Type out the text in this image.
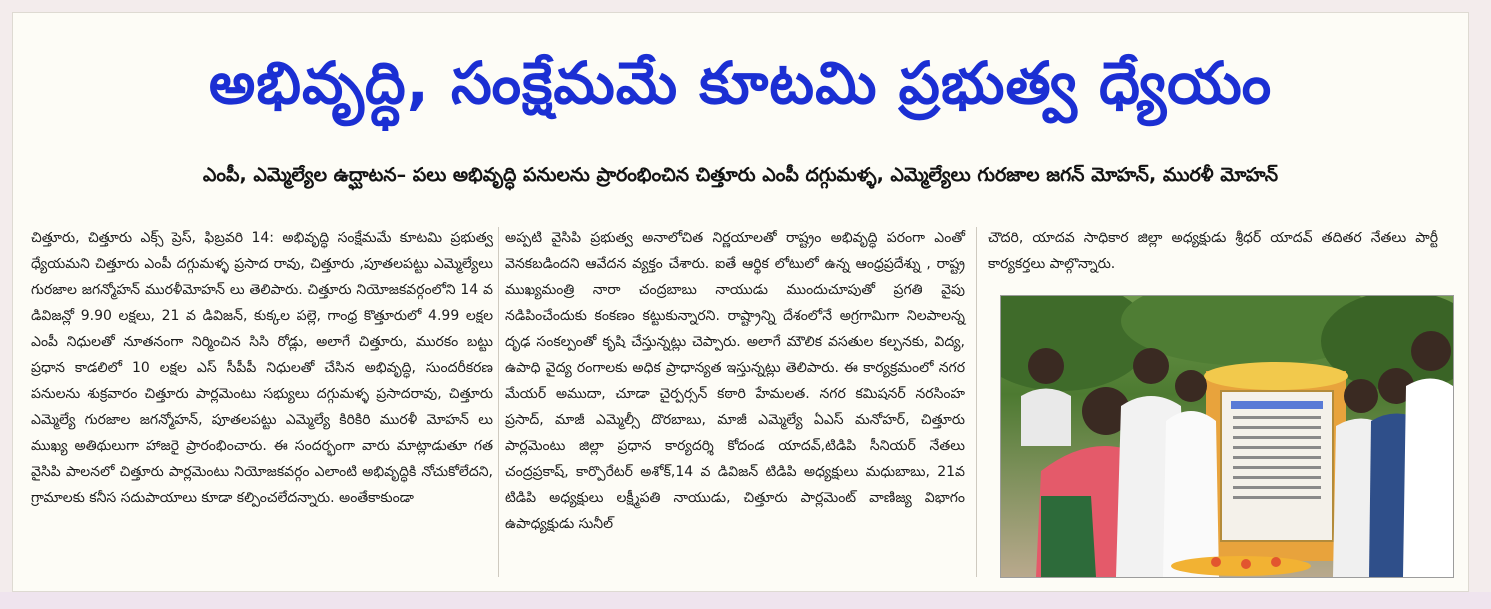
అభివృద్ధి, సంక్షేమమే కూటమి ప్రభుత్వ ధ్యేయం
ఎంపీ, ఎమ్మెల్యేల ఉద్ఘాటన– పలు అభివృద్ధి పనులను ప్రారంభించిన చిత్తూరు ఎంపీ దగ్గుమళ్ళ, ఎమ్మెల్యేలు గురజాల జగన్ మోహన్, మురళీ మోహన్

చిత్తూరు, చిత్తూరు ఎక్స్ ప్రెస్, ఫిబ్రవరి 14: అభివృద్ధి సంక్షేమమే కూటమి ప్రభుత్వ ధ్యేయమని చిత్తూరు ఎంపీ దగ్గుమళ్ళ ప్రసాద రావు, చిత్తూరు ,పూతలపట్టు ఎమ్మెల్యేలు గురజాల జగన్మోహన్ మురళీమోహన్ లు తెలిపారు. చిత్తూరు నియోజకవర్గంలోని 14 వ డివిజన్లో 9.90 లక్షలు, 21 వ డివిజన్, కుక్కల పల్లె, గాంధ్ర కొత్తూరులో 4.99 లక్షల ఎంపీ నిధులతో నూతనంగా నిర్మించిన సిసి రోడ్లు, అలాగే చిత్తూరు, మురకం బట్టు ప్రధాన కాడలిలో 10 లక్షల ఎస్ సీపీపీ నిధులతో చేసిన అభివృద్ధి, సుందరీకరణ పనులను శుక్రవారం చిత్తూరు పార్లమెంటు సభ్యులు దగ్గుమళ్ళ ప్రసాదరావు, చిత్తూరు ఎమ్మెల్యే గురజాల జగన్మోహన్, పూతలపట్టు ఎమ్మెల్యే కిరికిరి మురళీ మోహన్ లు ముఖ్య అతిథులుగా హాజరై ప్రారంభించారు. ఈ సందర్భంగా వారు మాట్లాడుతూ గత వైసిపి పాలనలో చిత్తూరు పార్లమెంటు నియోజకవర్గం ఎలాంటి అభివృద్ధికి నోచుకోలేదని, గ్రామాలకు కనీస సదుపాయాలు కూడా కల్పించలేదన్నారు. అంతేకాకుండా

అప్పటి వైసిపి ప్రభుత్వ అనాలోచిత నిర్ణయాలతో రాష్ట్రం అభివృద్ధి పరంగా ఎంతో వెనకబడిందని ఆవేదన వ్యక్తం చేశారు. ఐతే ఆర్థిక లోటులో ఉన్న ఆంధ్రప్రదేశ్ను , రాష్ట్ర ముఖ్యమంత్రి నారా చంద్రబాబు నాయుడు ముందుచూపుతో ప్రగతి వైపు నడిపించేందుకు కంకణం కట్టుకున్నారని. రాష్ట్రాన్ని దేశంలోనే అగ్రగామిగా నిలపాలన్న దృఢ సంకల్పంతో కృషి చేస్తున్నట్లు చెప్పారు. అలాగే మౌలిక వసతుల కల్పనకు, విద్య, ఉపాధి వైద్య రంగాలకు అధిక ప్రాధాన్యత ఇస్తున్నట్లు తెలిపారు. ఈ కార్యక్రమంలో నగర మేయర్ అముదా, చూడా చైర్పర్సన్ కఠారి హేమలత. నగర కమిషనర్ నరసింహ ప్రసాద్, మాజీ ఎమ్మెల్సీ దొరబాబు, మాజీ ఎమ్మెల్యే ఏఎస్ మనోహర్, చిత్తూరు పార్లమెంటు జిల్లా ప్రధాన కార్యదర్శి కోదండ యాదవ్,టిడిపి సీనియర్ నేతలు చంద్రప్రకాష్, కార్పొరేటర్ అశోక్,14 వ డివిజన్ టిడిపి అధ్యక్షులు మధుబాబు, 21వ టిడిపి అధ్యక్షులు లక్ష్మీపతి నాయుడు, చిత్తూరు పార్లమెంట్ వాణిజ్య విభాగం ఉపాధ్యక్షుడు సునీల్

చౌదరి, యాదవ సాధికార జిల్లా అధ్యక్షుడు శ్రీధర్ యాదవ్ తదితర నేతలు పార్టీ కార్యకర్తలు పాల్గొన్నారు.
